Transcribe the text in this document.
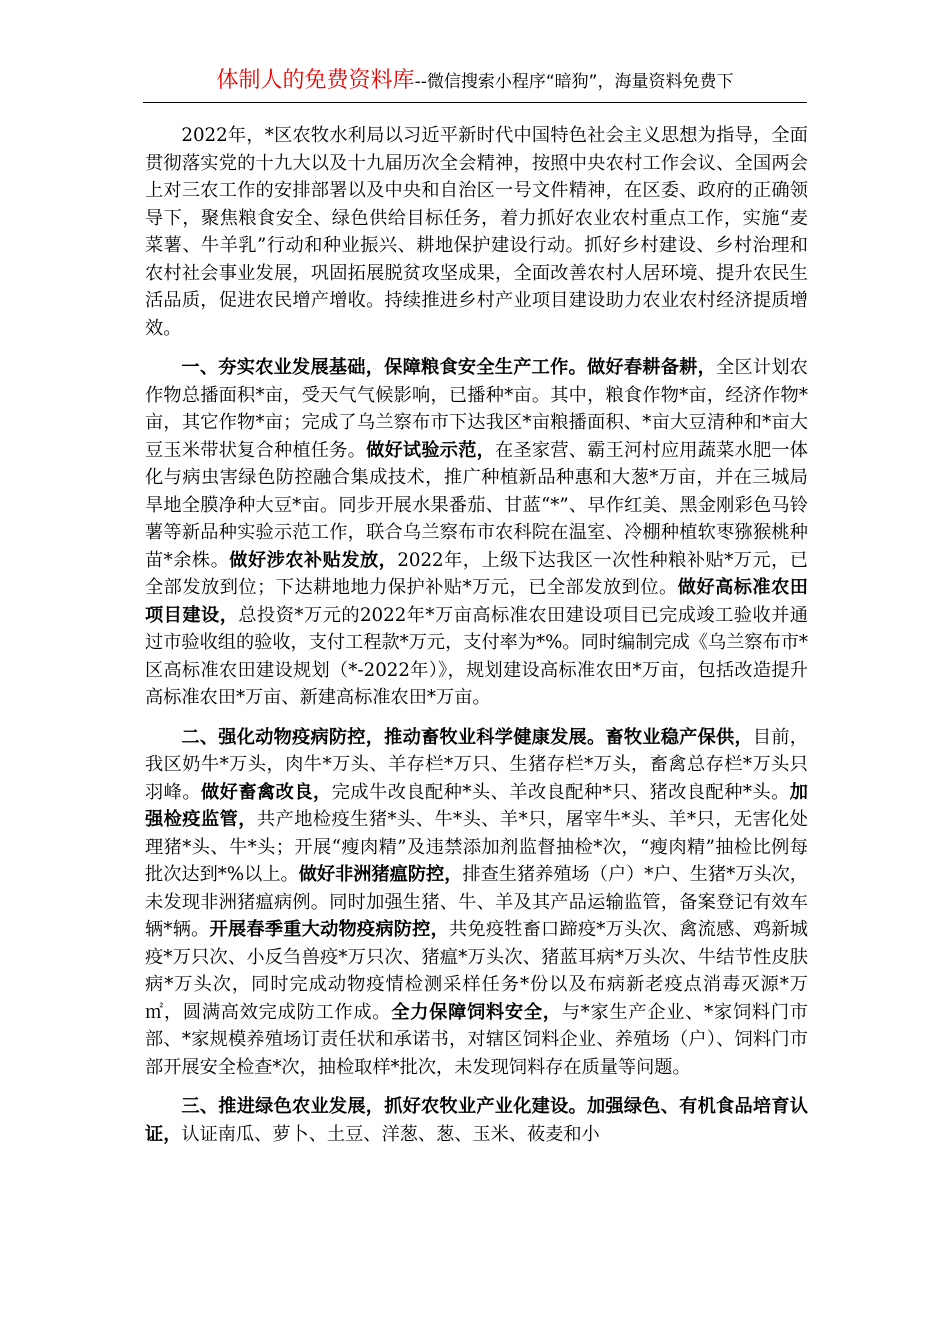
体制人的免费资料库--微信搜索小程序“暗狗”，海量资料免费下

2022年，*区农牧水利局以习近平新时代中国特色社会主义思想为指导，全面贯彻落实党的十九大以及十九届历次全会精神，按照中央农村工作会议、全国两会上对三农工作的安排部署以及中央和自治区一号文件精神，在区委、政府的正确领导下，聚焦粮食安全、绿色供给目标任务，着力抓好农业农村重点工作，实施“麦菜薯、牛羊乳”行动和种业振兴、耕地保护建设行动。抓好乡村建设、乡村治理和农村社会事业发展，巩固拓展脱贫攻坚成果，全面改善农村人居环境、提升农民生活品质，促进农民增产增收。持续推进乡村产业项目建设助力农业农村经济提质增效。

一、夯实农业发展基础，保障粮食安全生产工作。做好春耕备耕，全区计划农作物总播面积*亩，受天气气候影响，已播种*亩。其中，粮食作物*亩，经济作物*亩，其它作物*亩；完成了乌兰察布市下达我区*亩粮播面积、*亩大豆清种和*亩大豆玉米带状复合种植任务。做好试验示范，在圣家营、霸王河村应用蔬菜水肥一体化与病虫害绿色防控融合集成技术，推广种植新品种惠和大葱*万亩，并在三城局旱地全膜净种大豆*亩。同步开展水果番茄、甘蓝“*”、早作红美、黑金刚彩色马铃薯等新品种实验示范工作，联合乌兰察布市农科院在温室、冷棚种植软枣猕猴桃种苗*余株。做好涉农补贴发放，2022年，上级下达我区一次性种粮补贴*万元，已全部发放到位；下达耕地地力保护补贴*万元，已全部发放到位。做好高标准农田项目建设，总投资*万元的2022年*万亩高标准农田建设项目已完成竣工验收并通过市验收组的验收，支付工程款*万元，支付率为*%。同时编制完成《乌兰察布市*区高标准农田建设规划（*-2022年）》，规划建设高标准农田*万亩，包括改造提升高标准农田*万亩、新建高标准农田*万亩。

二、强化动物疫病防控，推动畜牧业科学健康发展。畜牧业稳产保供，目前，我区奶牛*万头，肉牛*万头、羊存栏*万只、生猪存栏*万头，畜禽总存栏*万头只羽峰。做好畜禽改良，完成牛改良配种*头、羊改良配种*只、猪改良配种*头。加强检疫监管，共产地检疫生猪*头、牛*头、羊*只，屠宰牛*头、羊*只，无害化处理猪*头、牛*头；开展“瘦肉精”及违禁添加剂监督抽检*次，“瘦肉精”抽检比例每批次达到*%以上。做好非洲猪瘟防控，排查生猪养殖场（户）*户、生猪*万头次，未发现非洲猪瘟病例。同时加强生猪、牛、羊及其产品运输监管，备案登记有效车辆*辆。开展春季重大动物疫病防控，共免疫牲畜口蹄疫*万头次、禽流感、鸡新城疫*万只次、小反刍兽疫*万只次、猪瘟*万头次、猪蓝耳病*万头次、牛结节性皮肤病*万头次，同时完成动物疫情检测采样任务*份以及布病新老疫点消毒灭源*万㎡，圆满高效完成防工作成。全力保障饲料安全，与*家生产企业、*家饲料门市部、*家规模养殖场订责任状和承诺书，对辖区饲料企业、养殖场（户）、饲料门市部开展安全检查*次，抽检取样*批次，未发现饲料存在质量等问题。

三、推进绿色农业发展，抓好农牧业产业化建设。加强绿色、有机食品培育认证，认证南瓜、萝卜、土豆、洋葱、葱、玉米、莜麦和小
